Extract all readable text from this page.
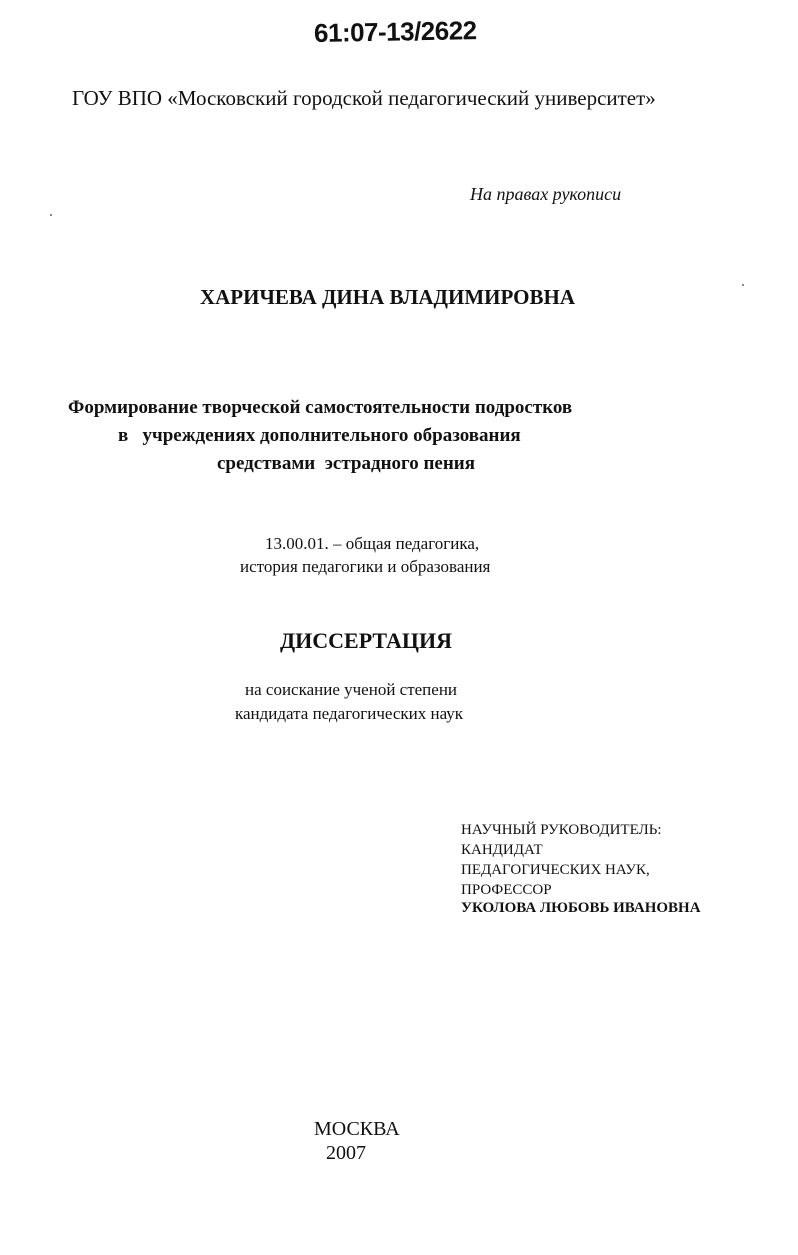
61:07-13/2622
ГОУ ВПО «Московский городской педагогический университет»
На правах рукописи
ХАРИЧЕВА ДИНА ВЛАДИМИРОВНА
Формирование творческой самостоятельности подростков
в   учреждениях дополнительного образования
средствами  эстрадного пения
13.00.01. – общая педагогика,
история педагогики и образования
ДИССЕРТАЦИЯ
на соискание ученой степени
кандидата педагогических наук
НАУЧНЫЙ РУКОВОДИТЕЛЬ:
КАНДИДАТ
ПЕДАГОГИЧЕСКИХ НАУК,
ПРОФЕССОР
УКОЛОВА ЛЮБОВЬ ИВАНОВНА
МОСКВА
2007
